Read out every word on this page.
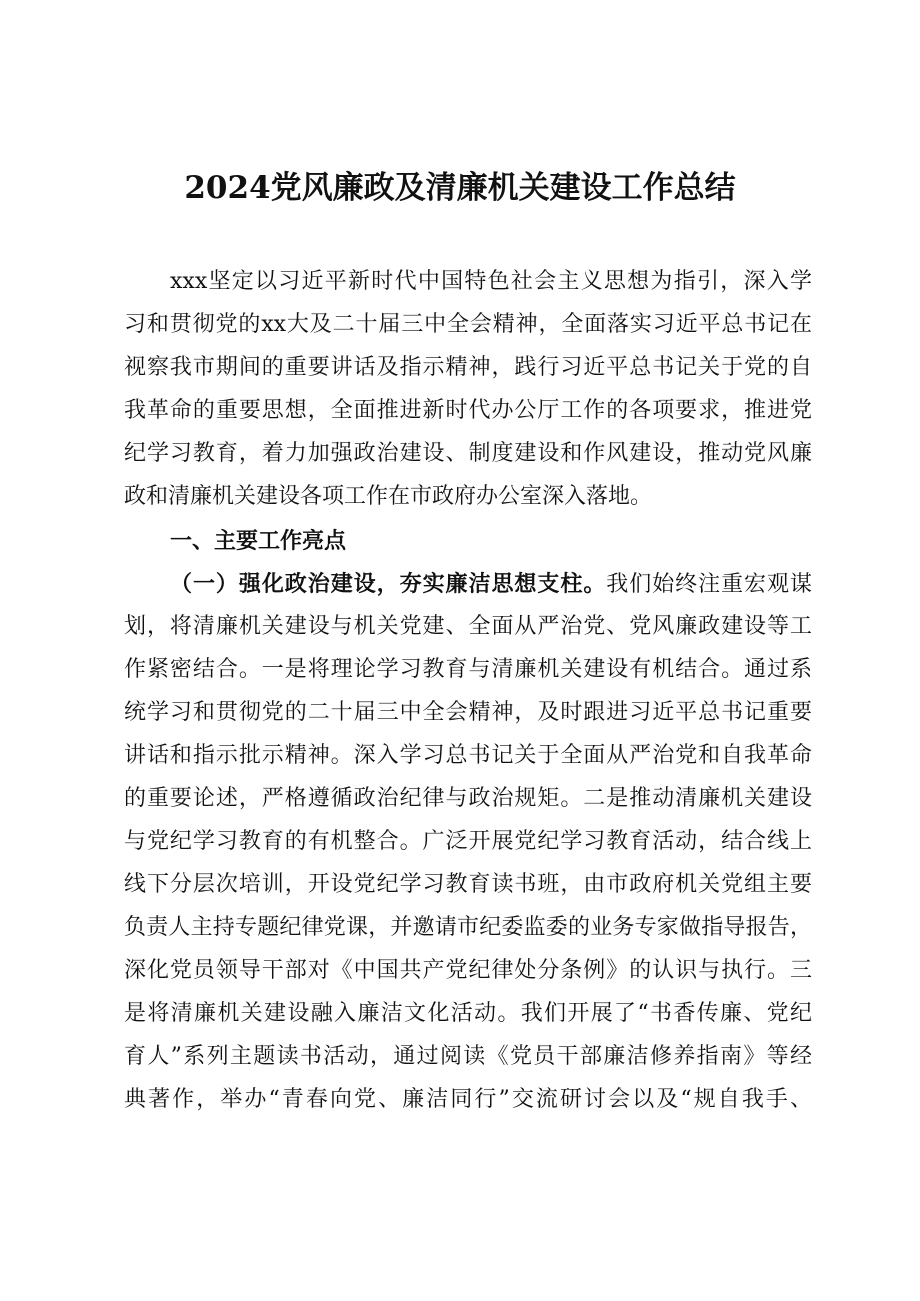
2024党风廉政及清廉机关建设工作总结
xxx坚定以习近平新时代中国特色社会主义思想为指引，深入学
习和贯彻党的xx大及二十届三中全会精神，全面落实习近平总书记在
视察我市期间的重要讲话及指示精神，践行习近平总书记关于党的自
我革命的重要思想，全面推进新时代办公厅工作的各项要求，推进党
纪学习教育，着力加强政治建设、制度建设和作风建设，推动党风廉
政和清廉机关建设各项工作在市政府办公室深入落地。
一、主要工作亮点
（一）强化政治建设，夯实廉洁思想支柱。我们始终注重宏观谋
划，将清廉机关建设与机关党建、全面从严治党、党风廉政建设等工
作紧密结合。一是将理论学习教育与清廉机关建设有机结合。通过系
统学习和贯彻党的二十届三中全会精神，及时跟进习近平总书记重要
讲话和指示批示精神。深入学习总书记关于全面从严治党和自我革命
的重要论述，严格遵循政治纪律与政治规矩。二是推动清廉机关建设
与党纪学习教育的有机整合。广泛开展党纪学习教育活动，结合线上
线下分层次培训，开设党纪学习教育读书班，由市政府机关党组主要
负责人主持专题纪律党课，并邀请市纪委监委的业务专家做指导报告，
深化党员领导干部对《中国共产党纪律处分条例》的认识与执行。三
是将清廉机关建设融入廉洁文化活动。我们开展了“书香传廉、党纪
育人”系列主题读书活动，通过阅读《党员干部廉洁修养指南》等经
典著作，举办“青春向党、廉洁同行”交流研讨会以及“规自我手、
